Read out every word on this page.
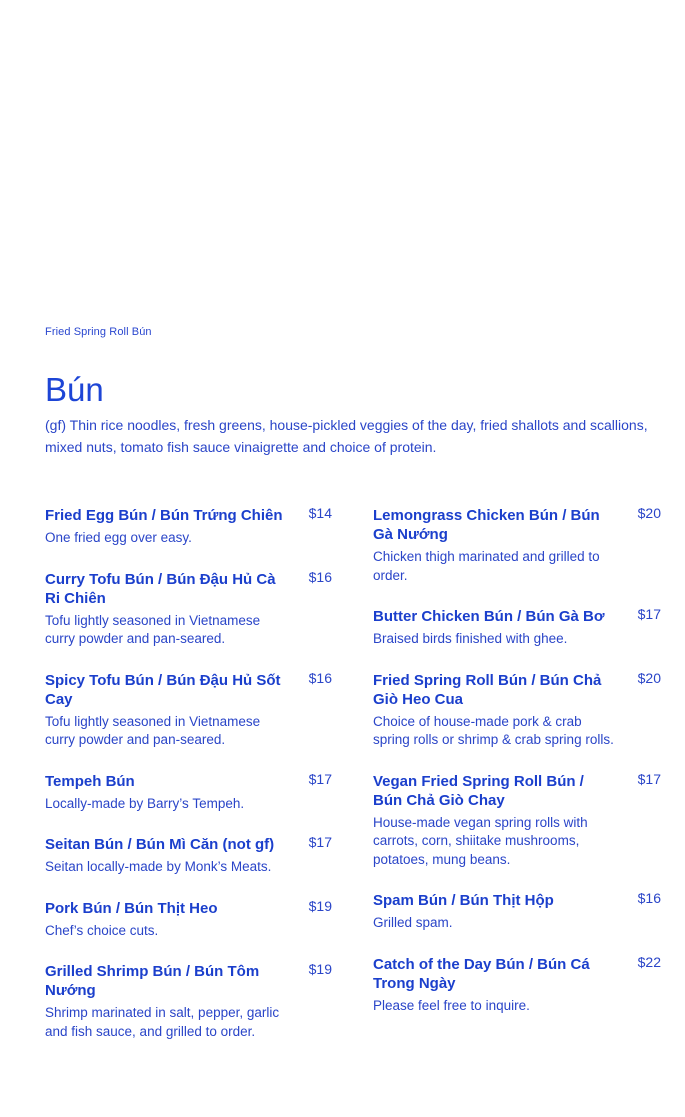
Fried Spring Roll Bún
Bún

(gf) Thin rice noodles, fresh greens, house-pickled veggies of the day, fried shallots and scallions, mixed nuts, tomato fish sauce vinaigrette and choice of protein.

Fried Egg Bún / Bún Trứng Chiên $14

One fried egg over easy.

Curry Tofu Bún / Bún Đậu Hủ Cà Ri Chiên
$16

Tofu lightly seasoned in Vietnamese curry powder and pan-seared.

Spicy Tofu Bún / Bún Đậu Hủ Sốt Cay
$16

Tofu lightly seasoned in Vietnamese curry powder and pan-seared.

Tempeh Bún	$17

Locally-made by Barry’s Tempeh.

Seitan Bún / Bún Mì Căn (not gf)	$17

Seitan locally-made by Monk’s Meats.

Pork Bún / Bún Thịt Heo	$19

Chef’s choice cuts.

Grilled Shrimp Bún / Bún Tôm Nướng
$19

Shrimp marinated in salt, pepper, garlic and fish sauce, and grilled to order.

Lemongrass Chicken Bún / Bún Gà Nướng
$20

Chicken thigh marinated and grilled to order.

Butter Chicken Bún / Bún Gà Bơ	$17

Braised birds finished with ghee.

Fried Spring Roll Bún / Bún Chả Giò Heo Cua
$20

Choice of house-made pork & crab spring rolls or shrimp & crab spring rolls.

Vegan Fried Spring Roll Bún / Bún Chả Giò Chay
$17

House-made vegan spring rolls with carrots, corn, shiitake mushrooms, potatoes, mung beans.

Spam Bún / Bún Thịt Hộp	$16

Grilled spam.

Catch of the Day Bún / Bún Cá Trong Ngày
$22

Please feel free to inquire.
